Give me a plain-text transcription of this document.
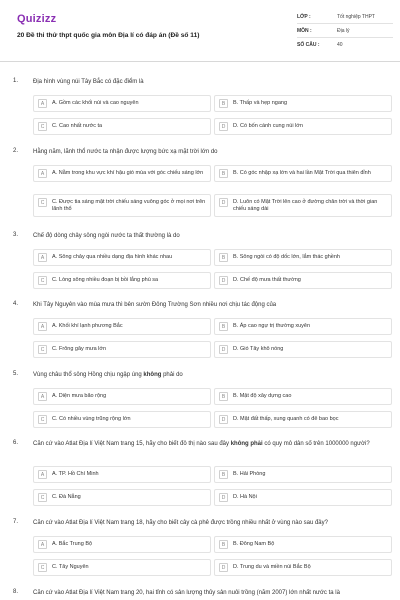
Quizizz
20 Đề thi thử thpt quốc gia môn Địa lí có đáp án (Đề số 11)
LỚP :	Tốt nghiệp THPT
MÔN :	Địa lý
SỐ CÂU :	40
1. Địa hình vùng núi Tây Bắc có đặc điểm là
A	A. Gồm các khối núi và cao nguyên	B	B. Thấp và hẹp ngang
C	C. Cao nhất nước ta	D	D. Có bốn cánh cung núi lớn
2. Hằng năm, lãnh thổ nước ta nhận được lượng bức xạ mặt trời lớn do
A	A. Nằm trong khu vực khí hậu gió mùa với góc chiếu sáng lớn	B	B. Có góc nhập xạ lớn và hai lần Mặt Trời qua thiên đỉnh
C	C. Được tia sáng mặt trời chiếu sáng vuông góc ở mọi nơi trên lãnh thổ
D	D. Luôn có Mặt Trời lên cao ở đường chân trời và thời gian chiếu sáng dài
3. Chế độ dòng chảy sông ngòi nước ta thất thường là do
A	A. Sông chảy qua nhiều dạng địa hình khác nhau	B	B. Sông ngòi có độ dốc lớn, lắm thác ghềnh
C	C. Lòng sông nhiều đoạn bị bồi lắng phù sa	D	D. Chế độ mưa thất thường
4. Khi Tây Nguyên vào mùa mưa thì bên sườn Đông Trường Sơn nhiều nơi chịu tác động của
A	A. Khối khí lạnh phương Bắc	B	B. Áp cao ngự trị thường xuyên
C	C. Frông gây mưa lớn	D	D. Gió Tây khô nóng
5. Vùng châu thổ sông Hồng chịu ngập úng không phải do
A	A. Diện mưa bão rộng	B	B. Mật độ xây dựng cao
C	C. Có nhiều vùng trũng rộng lớn	D	D. Mặt đất thấp, xung quanh có đê bao bọc
6. Căn cứ vào Atlat Địa lí Việt Nam trang 15, hãy cho biết đô thị nào sau đây không phải có quy mô dân số trên 1000000 người?
A	A. TP. Hồ Chí Minh	B	B. Hải Phòng
C	C. Đà Nẵng	D	D. Hà Nội
7. Căn cứ vào Atlat Địa lí Việt Nam trang 18, hãy cho biết cây cà phê được trồng nhiều nhất ở vùng nào sau đây?
A	A. Bắc Trung Bộ	B	B. Đông Nam Bộ
C	C. Tây Nguyên	D	D. Trung du và miền núi Bắc Bộ
8. Căn cứ vào Atlat Địa lí Việt Nam trang 20, hai tỉnh có sản lượng thủy sản nuôi trồng (năm 2007) lớn nhất nước ta là
